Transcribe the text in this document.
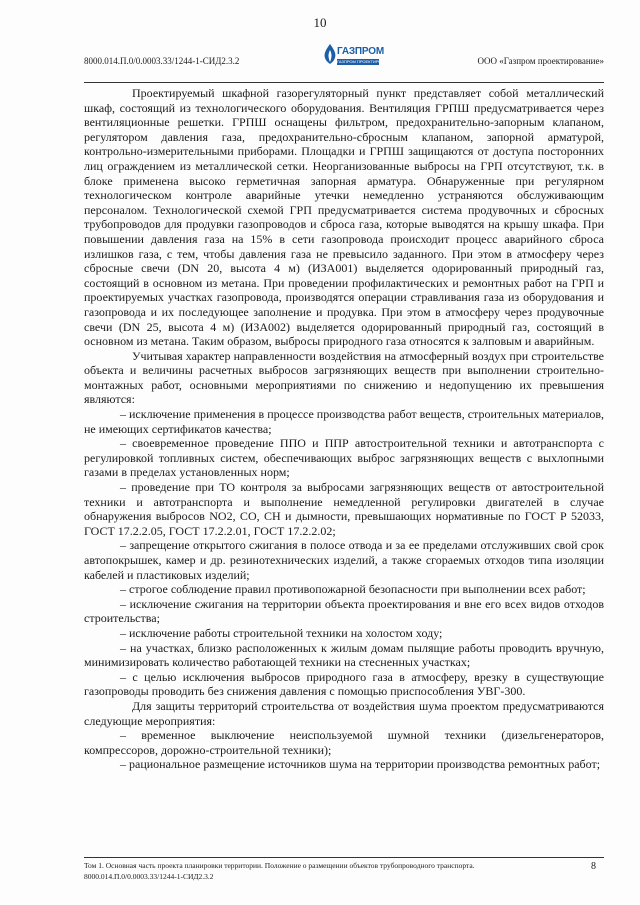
10
8000.014.П.0/0.0003.33/1244-1-СИД2.3.2
ГАЗПРОМ
ГАЗПРОМ ПРОЕКТИРОВАНИЕ	ООО «Газпром проектирование»

Проектируемый шкафной газорегуляторный пункт представляет собой металлический шкаф, состоящий из технологического оборудования. Вентиляция ГРПШ предусматривается через вентиляционные решетки. ГРПШ оснащены фильтром, предохранительно-запорным клапаном, регулятором давления газа, предохранительно-сбросным клапаном, запорной арматурой, контрольно-измерительными приборами. Площадки и ГРПШ защищаются от доступа посторонних лиц ограждением из металлической сетки. Неорганизованные выбросы на ГРП отсутствуют, т.к. в блоке применена высоко герметичная запорная арматура. Обнаруженные при регулярном технологическом контроле аварийные утечки немедленно устраняются обслуживающим персоналом. Технологической схемой ГРП предусматривается система продувочных и сбросных трубопроводов для продувки газопроводов и сброса газа, которые выводятся на крышу шкафа. При повышении давления газа на 15% в сети газопровода происходит процесс аварийного сброса излишков газа, с тем, чтобы давления газа не превысило заданного. При этом в атмосферу через сбросные свечи (DN 20, высота 4 м) (ИЗА001) выделяется одорированный природный газ, состоящий в основном из метана. При проведении профилактических и ремонтных работ на ГРП и проектируемых участках газопровода, производятся операции стравливания газа из оборудования и газопровода и их последующее заполнение и продувка. При этом в атмосферу через продувочные свечи (DN 25, высота 4 м) (ИЗА002) выделяется одорированный природный газ, состоящий в основном из метана. Таким образом, выбросы природного газа относятся к залповым и аварийным.

Учитывая характер направленности воздействия на атмосферный воздух при строительстве объекта и величины расчетных выбросов загрязняющих веществ при выполнении строительно-монтажных работ, основными мероприятиями по снижению и недопущению их превышения являются:

– исключение применения в процессе производства работ веществ, строительных материалов, не имеющих сертификатов качества;

– своевременное проведение ППО и ППР автостроительной техники и автотранспорта с регулировкой топливных систем, обеспечивающих выброс загрязняющих веществ с выхлопными газами в пределах установленных норм;

– проведение при ТО контроля за выбросами загрязняющих веществ от автостроительной техники и автотранспорта и выполнение немедленной регулировки двигателей в случае обнаружения выбросов NO2, CO, CH и дымности, превышающих нормативные по ГОСТ Р 52033, ГОСТ 17.2.2.05, ГОСТ 17.2.2.01, ГОСТ 17.2.2.02;

– запрещение открытого сжигания в полосе отвода и за ее пределами отслуживших свой срок автопокрышек, камер и др. резинотехнических изделий, а также сгораемых отходов типа изоляции кабелей и пластиковых изделий;

– строгое соблюдение правил противопожарной безопасности при выполнении всех работ;

– исключение сжигания на территории объекта проектирования и вне его всех видов отходов строительства;

– исключение работы строительной техники на холостом ходу;

– на участках, близко расположенных к жилым домам пылящие работы проводить вручную, минимизировать количество работающей техники на стесненных участках;

– с целью исключения выбросов природного газа в атмосферу, врезку в существующие газопроводы проводить без снижения давления с помощью приспособления УВГ-300.

Для защиты территорий строительства от воздействия шума проектом предусматриваются следующие мероприятия:

– временное выключение неиспользуемой шумной техники (дизельгенераторов, компрессоров, дорожно-строительной техники);

– рациональное размещение источников шума на территории производства ремонтных работ;

Том 1. Основная часть проекта планировки территории. Положение о размещении объектов трубопроводного транспорта.
8000.014.П.0/0.0003.33/1244-1-СИД2.3.2
8
